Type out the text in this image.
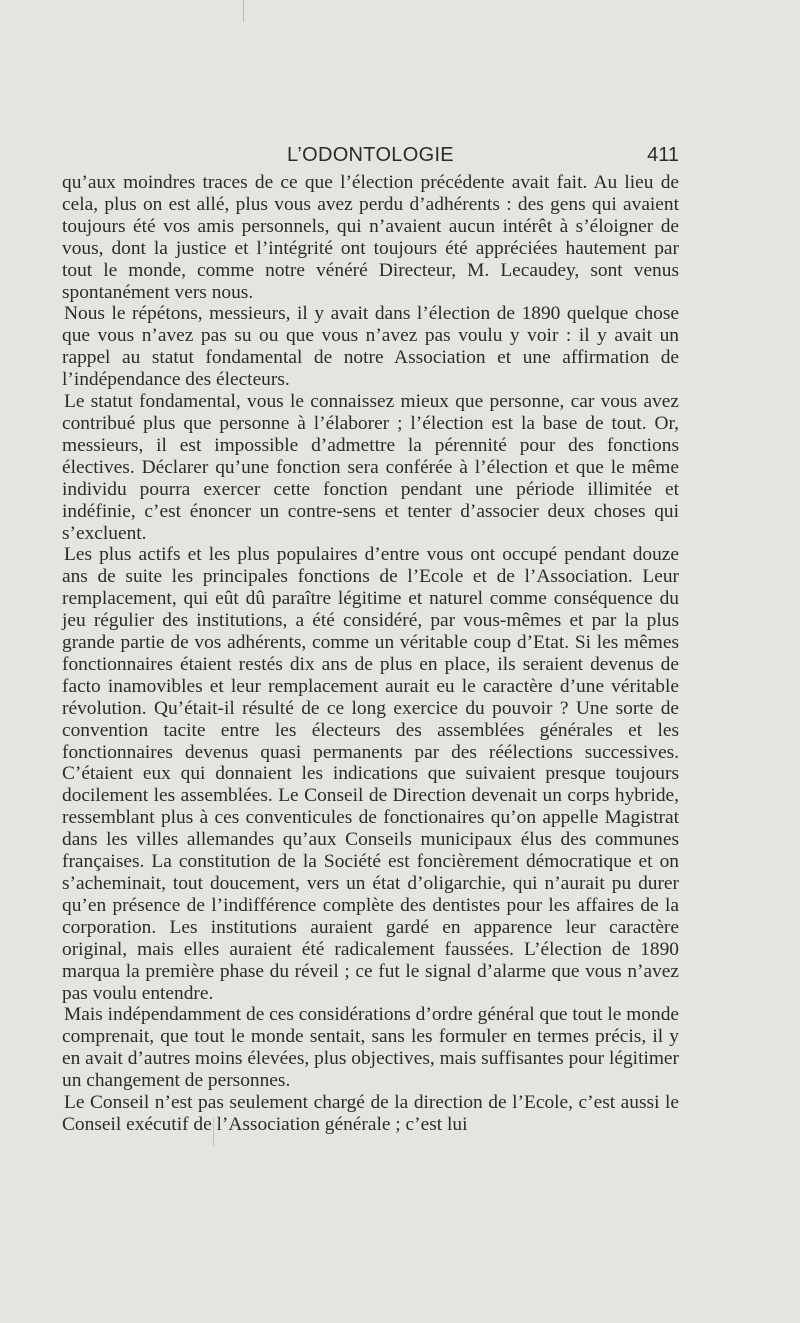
L’ODONTOLOGIE	411

qu’aux moindres traces de ce que l’élection précédente avait fait. Au lieu de cela, plus on est allé, plus vous avez perdu d’adhérents : des gens qui avaient toujours été vos amis personnels, qui n’avaient aucun intérêt à s’éloigner de vous, dont la justice et l’intégrité ont toujours été appréciées hautement par tout le monde, comme notre vénéré Directeur, M. Lecaudey, sont venus spontanément vers nous.

Nous le répétons, messieurs, il y avait dans l’élection de 1890 quelque chose que vous n’avez pas su ou que vous n’avez pas voulu y voir : il y avait un rappel au statut fondamental de notre Association et une affirmation de l’indépendance des électeurs.

Le statut fondamental, vous le connaissez mieux que personne, car vous avez contribué plus que personne à l’élaborer ; l’élection est la base de tout. Or, messieurs, il est impossible d’admettre la pérennité pour des fonctions électives. Déclarer qu’une fonction sera conférée à l’élection et que le même individu pourra exercer cette fonction pendant une période illimitée et indéfinie, c’est énoncer un contre-sens et tenter d’associer deux choses qui s’excluent.

Les plus actifs et les plus populaires d’entre vous ont occupé pendant douze ans de suite les principales fonctions de l’Ecole et de l’Association. Leur remplacement, qui eût dû paraître légitime et naturel comme conséquence du jeu régulier des institutions, a été considéré, par vous-mêmes et par la plus grande partie de vos adhérents, comme un véritable coup d’Etat. Si les mêmes fonctionnaires étaient restés dix ans de plus en place, ils seraient devenus de facto inamovibles et leur remplacement aurait eu le caractère d’une véritable révolution. Qu’était-il résulté de ce long exercice du pouvoir ? Une sorte de convention tacite entre les électeurs des assemblées générales et les fonctionnaires devenus quasi permanents par des réélections successives. C’étaient eux qui donnaient les indications que suivaient presque toujours docilement les assemblées. Le Conseil de Direction devenait un corps hybride, ressemblant plus à ces conventicules de fonctionaires qu’on appelle Magistrat dans les villes allemandes qu’aux Conseils municipaux élus des communes françaises. La constitution de la Société est foncièrement démocratique et on s’acheminait, tout doucement, vers un état d’oligarchie, qui n’aurait pu durer qu’en présence de l’indifférence complète des dentistes pour les affaires de la corporation. Les institutions auraient gardé en apparence leur caractère original, mais elles auraient été radicalement faussées. L’élection de 1890 marqua la première phase du réveil ; ce fut le signal d’alarme que vous n’avez pas voulu entendre.

Mais indépendamment de ces considérations d’ordre général que tout le monde comprenait, que tout le monde sentait, sans les formuler en termes précis, il y en avait d’autres moins élevées, plus objectives, mais suffisantes pour légitimer un changement de personnes.

Le Conseil n’est pas seulement chargé de la direction de l’Ecole, c’est aussi le Conseil exécutif de l’Association générale ; c’est lui
